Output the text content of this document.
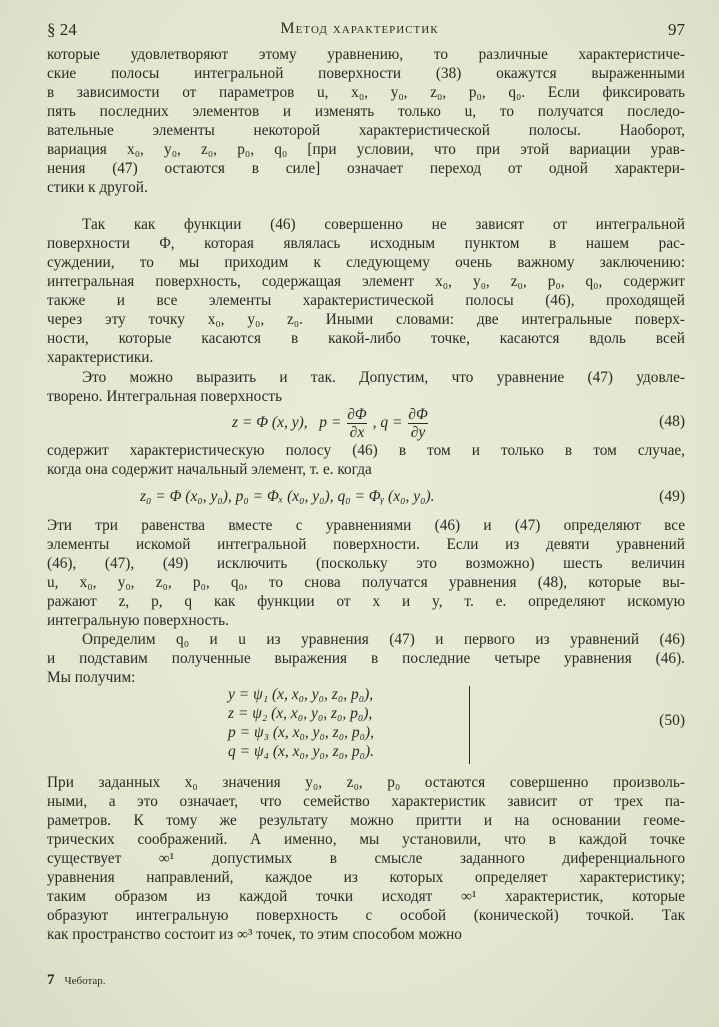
§ 24	Метод характеристик	97
которые удовлетворяют этому уравнению, то различные характеристиче-
ские полосы интегральной поверхности (38) окажутся выраженными
в зависимости от параметров u, x₀, y₀, z₀, p₀, q₀. Если фиксировать
пять последних элементов и изменять только u, то получатся последо-
вательные элементы некоторой характеристической полосы. Наоборот,
вариация x₀, y₀, z₀, p₀, q₀ [при условии, что при этой вариации урав-
нения (47) остаются в силе] означает переход от одной характери-
стики к другой.
Так как функции (46) совершенно не зависят от интегральной
поверхности Φ, которая являлась исходным пунктом в нашем рас-
суждении, то мы приходим к следующему очень важному заключению:
интегральная поверхность, содержащая элемент x₀, y₀, z₀, p₀, q₀, содержит
также и все элементы характеристической полосы (46), проходящей
через эту точку x₀, y₀, z₀. Иными словами: две интегральные поверх-
ности, которые касаются в какой-либо точке, касаются вдоль всей
характеристики.
Это можно выразить и так. Допустим, что уравнение (47) удовле-
творено. Интегральная поверхность
содержит характеристическую полосу (46) в том и только в том случае,
когда она содержит начальный элемент, т. е. когда
Эти три равенства вместе с уравнениями (46) и (47) определяют все
элементы искомой интегральной поверхности. Если из девяти уравнений
(46), (47), (49) исключить (поскольку это возможно) шесть величин
u, x₀, y₀, z₀, p₀, q₀, то снова получатся уравнения (48), которые вы-
ражают z, p, q как функции от x и y, т. е. определяют искомую
интегральную поверхность.
Определим q₀ и u из уравнения (47) и первого из уравнений (46)
и подставим полученные выражения в последние четыре уравнения (46).
Мы получим:
При заданных x₀ значения y₀, z₀, p₀ остаются совершенно произволь-
ными, а это означает, что семейство характеристик зависит от трех па-
раметров. К тому же результату можно притти и на основании геоме-
трических соображений. А именно, мы установили, что в каждой точке
существует ∞¹ допустимых в смысле заданного диференциального
уравнения направлений, каждое из которых определяет характеристику;
таким образом из каждой точки исходят ∞¹ характеристик, которые
образуют интегральную поверхность с особой (конической) точкой. Так
как пространство состоит из ∞³ точек, то этим способом можно
z = Φ (x, y), $p = \frac{\partial\Phi}{\partial x}$ , $q = \frac{\partial\Phi}{\partial y}$	(48)
z₀ = Φ (x₀, y₀), p₀ = Φₓ (x₀, y₀), q₀ = Φᵧ (x₀, y₀).	(49)
y = ψ₁ (x, x₀, y₀, z₀, p₀),
z = ψ₂ (x, x₀, y₀, z₀, p₀),
p = ψ₃ (x, x₀, y₀, z₀, p₀),
q = ψ₄ (x, x₀, y₀, z₀, p₀).
(50)
7 Чеботар.
